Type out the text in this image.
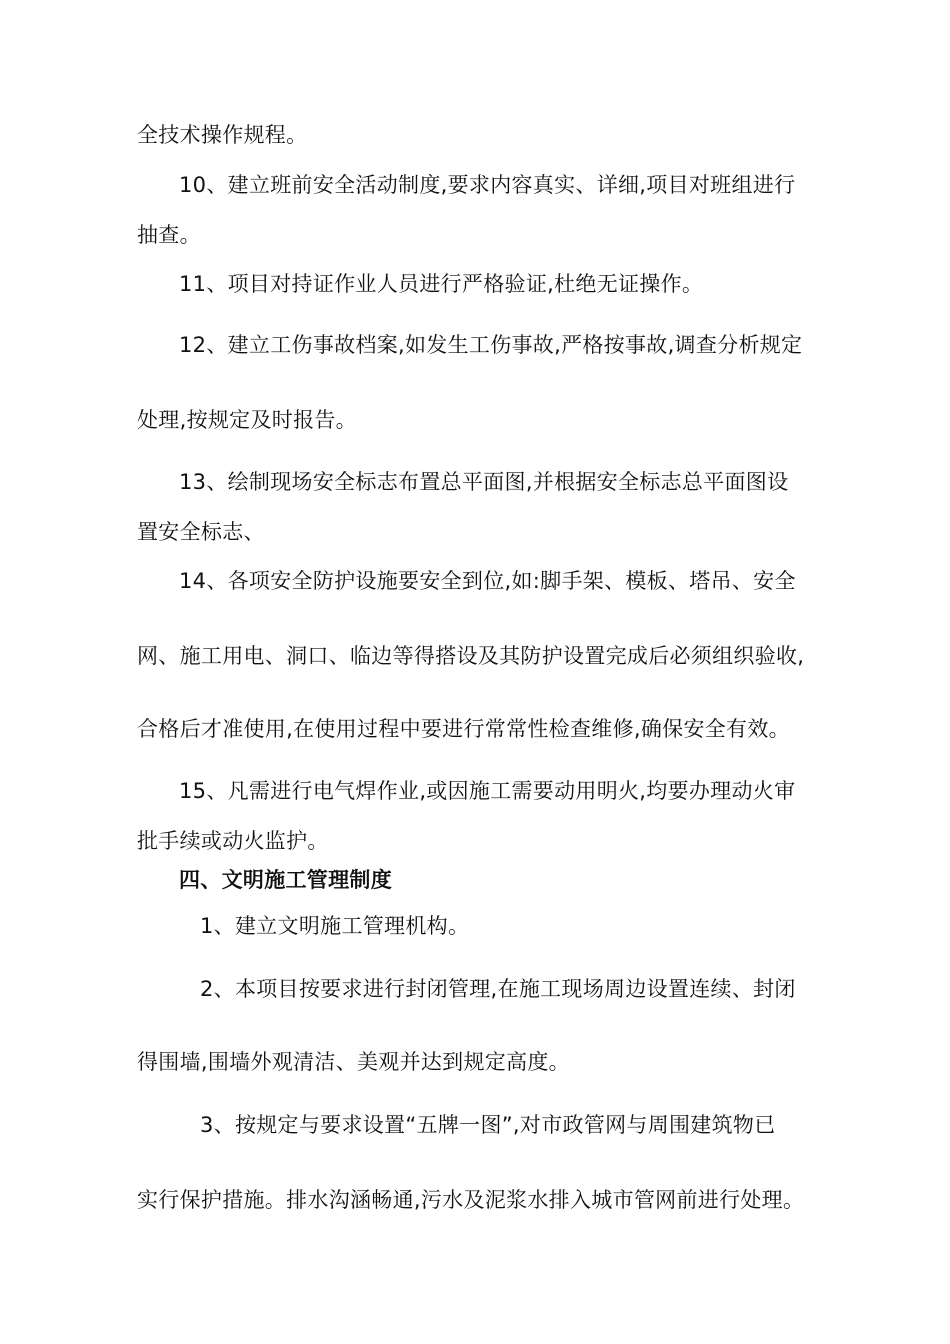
全技术操作规程。
10、建立班前安全活动制度,要求内容真实、详细,项目对班组进行
抽查。
11、项目对持证作业人员进行严格验证,杜绝无证操作。
12、建立工伤事故档案,如发生工伤事故,严格按事故,调查分析规定
处理,按规定及时报告。
13、绘制现场安全标志布置总平面图,并根据安全标志总平面图设
置安全标志、
14、各项安全防护设施要安全到位,如:脚手架、模板、塔吊、安全
网、施工用电、洞口、临边等得搭设及其防护设置完成后必须组织验收,
合格后才准使用,在使用过程中要进行常常性检查维修,确保安全有效。
15、凡需进行电气焊作业,或因施工需要动用明火,均要办理动火审
批手续或动火监护。
四、文明施工管理制度
1、建立文明施工管理机构。
2、本项目按要求进行封闭管理,在施工现场周边设置连续、封闭
得围墙,围墙外观清洁、美观并达到规定高度。
3、按规定与要求设置“五牌一图”,对市政管网与周围建筑物已
实行保护措施。排水沟涵畅通,污水及泥浆水排入城市管网前进行处理。
